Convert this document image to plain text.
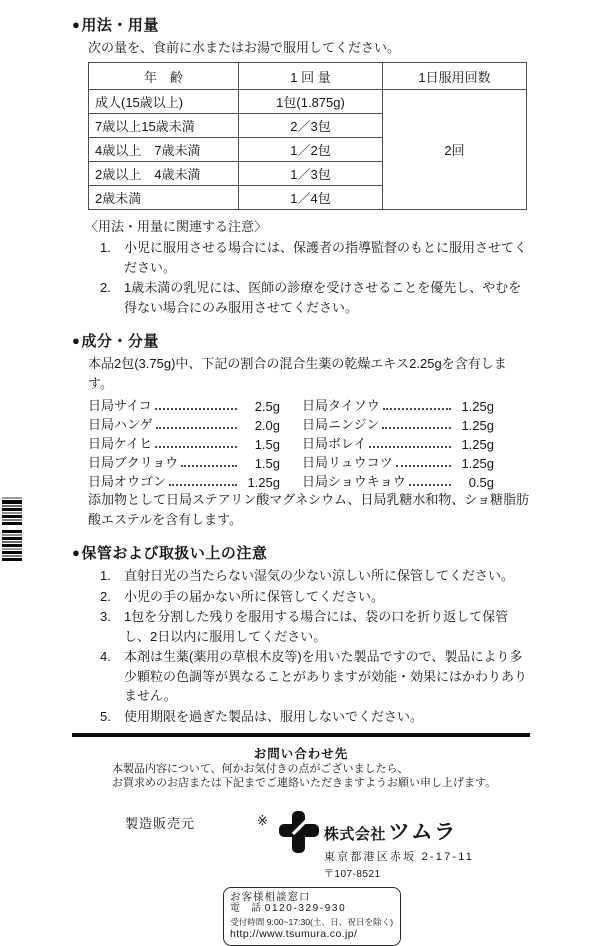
● 用法・用量
次の量を、食前に水またはお湯で服用してください。
年　齢	1 回 量	1日服用回数
成人(15歳以上)	1包(1.875g)	2回
7歳以上15歳未満	2／3包	
4歳以上　7歳未満	1／2包	
2歳以上　4歳未満	1／3包	
2歳未満	1／4包	
〈用法・用量に関連する注意〉
1.	小児に服用させる場合には、保護者の指導監督のもとに服用させてください。
2.	1歳未満の乳児には、医師の診療を受けさせることを優先し、やむを得ない場合にのみ服用させてください。
● 成分・分量
本品2包(3.75g)中、下記の割合の混合生薬の乾燥エキス2.25gを含有します。
日局サイコ	2.5g
日局ハンゲ	2.0g
日局ケイヒ	1.5g
日局ブクリョウ	1.5g
日局オウゴン	1.25g
日局タイソウ	1.25g
日局ニンジン	1.25g
日局ボレイ	1.25g
日局リュウコツ	1.25g
日局ショウキョウ	0.5g
添加物として日局ステアリン酸マグネシウム、日局乳糖水和物、ショ糖脂肪酸エステルを含有します。
● 保管および取扱い上の注意
1.	直射日光の当たらない湿気の少ない涼しい所に保管してください。
2.	小児の手の届かない所に保管してください。
3.	1包を分割した残りを服用する場合には、袋の口を折り返して保管し、2日以内に服用してください。
4.	本剤は生薬(薬用の草根木皮等)を用いた製品ですので、製品により多少顆粒の色調等が異なることがありますが効能・効果にはかわりありません。
5.	使用期限を過ぎた製品は、服用しないでください。
お問い合わせ先
本製品内容について、何かお気付きの点がございましたら、
お買求めのお店または下記までご連絡いただきますようお願い申し上げます。
製造販売元	※
株式会社 ツムラ
東京都港区赤坂 2-17-11
〒107-8521
お客様相談窓口
電　話 0120-329-930
受付時間 9:00~17:30(土、日、祝日を除く)
http://www.tsumura.co.jp/
